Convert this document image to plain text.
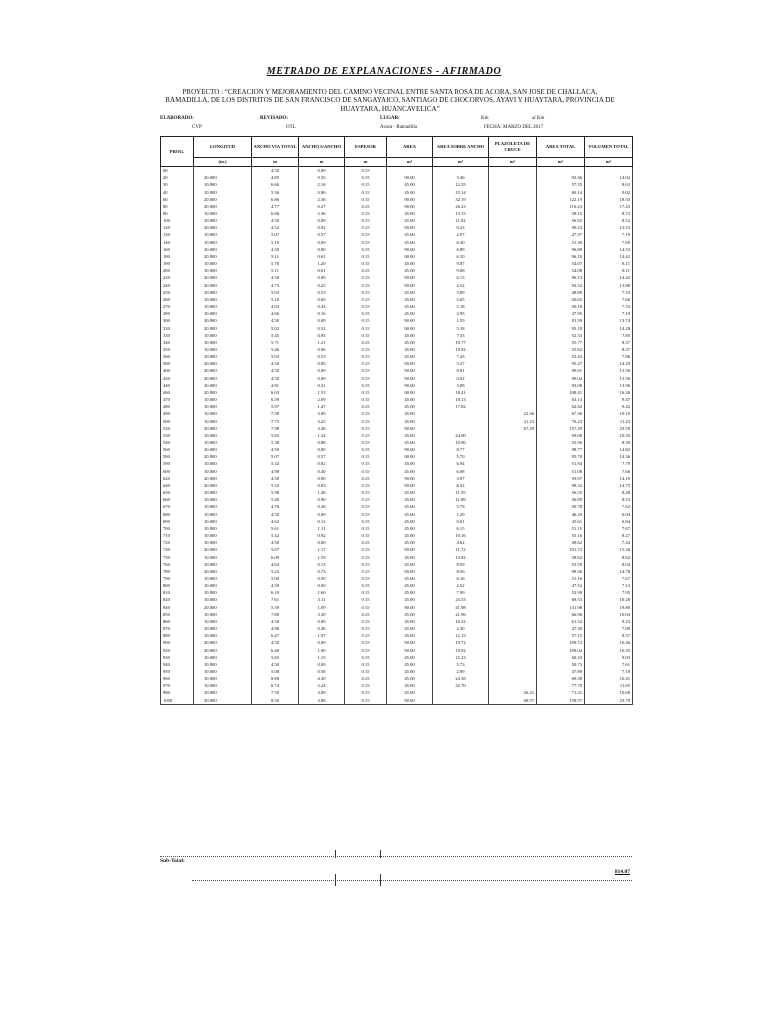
METRADO DE EXPLANACIONES - AFIRMADO
PROYECTO : “CREACION Y MEJORAMIENTO DEL CAMINO VECINAL ENTRE SANTA ROSA DE ACORA, SAN JOSE DE CHALLACA, RAMADILLA, DE LOS DISTRITOS DE SAN FRANCISCO DE SANGAYAICO, SANTIAGO DE CHOCORVOS, AYAVI Y HUAYTARA, PROVINCIA DE HUAYTARA, HUANCAVELICA”
ELABORADO:
CVP
REVISADO:
OTL
LUGAR:
Acora - Ramadilla
Km	al Km
FECHA: MARZO DEL 2017
PROG.	LONGITUD	ANCHO VIA TOTAL	ANCHO S/ANCHO	ESPESOR	AREA	AREA SOBRE ANCHO	PLAZOLETA DE CRUCE	AREA TOTAL	VOLUMEN TOTAL
	(m.)	m	m	m	m²	m²	m²	m²	m³
00		4.50	0.00	0.15					
20	20.000	4.85	0.35	0.15	90.00	3.46		93.46	14.02
30	10.000	6.66	2.16	0.15	45.00	12.55		57.55	8.63
40	10.000	5.36	0.86	0.15	45.00	15.14		60.14	9.02
60	20.000	6.86	2.36	0.15	90.00	32.19		122.19	18.33
80	20.000	4.77	0.27	0.15	90.00	26.23		116.23	17.43
90	10.000	6.86	2.36	0.15	45.00	13.15		58.15	8.72
100	10.000	4.50	0.00	0.15	45.00	11.82		56.82	8.52
120	20.000	4.52	0.02	0.15	90.00	0.23		90.23	13.53
130	10.000	5.07	0.57	0.15	45.00	2.97		47.97	7.19
140	10.000	5.19	0.69	0.15	45.00	6.30		51.30	7.69
160	20.000	4.50	0.00	0.15	90.00	6.89		96.89	14.53
180	20.000	5.11	0.61	0.15	90.00	6.10		96.10	14.42
190	10.000	5.70	1.20	0.15	45.00	9.07		54.07	8.11
200	10.000	5.11	0.61	0.15	45.00	9.08		54.08	8.11
220	20.000	4.50	0.00	0.15	90.00	6.13		96.13	14.42
240	20.000	4.75	0.25	0.15	90.00	2.52		92.52	13.88
250	10.000	5.03	0.53	0.15	45.00	3.89		48.89	7.33
260	10.000	5.10	0.60	0.15	45.00	5.65		50.65	7.60
270	10.000	4.93	0.43	0.15	45.00	5.18		50.18	7.53
280	10.000	4.66	0.16	0.15	45.00	2.95		47.95	7.19
300	20.000	4.50	0.00	0.15	90.00	1.59		91.59	13.74
320	20.000	5.02	0.52	0.15	90.00	5.18		95.18	14.28
330	10.000	5.45	0.95	0.15	45.00	7.33		52.33	7.85
340	10.000	5.71	1.21	0.15	45.00	10.77		55.77	8.37
350	10.000	5.46	0.96	0.15	45.00	10.82		55.82	8.37
360	10.000	5.03	0.53	0.15	45.00	7.43		52.43	7.86
380	20.000	4.50	0.00	0.15	90.00	5.27		95.27	14.29
400	20.000	4.50	0.00	0.15	90.00	0.01		90.01	13.50
420	20.000	4.50	0.00	0.15	90.00	0.02		90.02	13.50
440	20.000	4.81	0.31	0.15	90.00	3.08		93.08	13.96
460	20.000	6.03	1.53	0.15	90.00	18.41		108.41	16.26
470	10.000	6.59	2.09	0.15	45.00	18.13		63.13	9.47
480	10.000	5.97	1.47	0.15	45.00	17.82		62.82	9.42
490	10.000	7.50	3.00	0.15	45.00		22.36	67.36	10.10
500	10.000	7.75	3.25	0.15	45.00		31.23	76.23	11.43
520	20.000	7.98	3.48	0.15	90.00		67.29	157.29	23.59
530	10.000	5.82	1.32	0.15	45.00	24.00		69.00	10.35
540	10.000	5.38	0.88	0.15	45.00	10.96		55.96	8.39
560	20.000	4.50	0.00	0.15	90.00	8.77		98.77	14.82
580	20.000	5.07	0.57	0.15	90.00	5.70		95.70	14.36
590	10.000	5.32	0.82	0.15	45.00	6.94		51.94	7.79
600	10.000	4.90	0.40	0.15	45.00	6.08		51.08	7.66
620	20.000	4.50	0.00	0.15	90.00	3.97		93.97	14.10
640	20.000	5.33	0.83	0.15	90.00	8.32		98.32	14.75
650	10.000	5.98	1.48	0.15	45.00	11.55		56.55	8.48
660	10.000	5.40	0.90	0.15	45.00	11.89		56.89	8.53
670	10.000	4.76	0.26	0.15	45.00	5.78		50.78	7.62
680	10.000	4.50	0.00	0.15	45.00	1.29		46.29	6.94
690	10.000	4.62	0.12	0.15	45.00	0.61		45.61	6.84
700	10.000	5.61	1.11	0.15	45.00	6.15		51.15	7.67
710	10.000	5.42	0.92	0.15	45.00	10.16		55.16	8.27
720	10.000	4.50	0.00	0.15	45.00	4.62		49.62	7.44
740	20.000	5.67	1.17	0.15	90.00	11.72		101.72	15.26
750	10.000	6.09	1.59	0.15	45.00	13.82		58.82	8.82
760	10.000	4.63	0.13	0.15	45.00	8.59		53.59	8.04
780	20.000	5.23	0.73	0.15	90.00	8.56		98.56	14.78
790	10.000	5.00	0.50	0.15	45.00	6.16		51.16	7.67
800	10.000	4.50	0.00	0.15	45.00	2.52		47.52	7.13
810	10.000	6.10	1.60	0.15	45.00	7.99		52.99	7.95
820	10.000	7.61	3.11	0.15	45.00	23.53		68.53	10.28
840	20.000	5.59	1.09	0.15	90.00	41.98		131.98	19.80
850	10.000	7.80	3.30	0.15	45.00	21.96		66.96	10.04
860	10.000	4.50	0.00	0.15	45.00	16.52		61.52	9.23
870	10.000	4.96	0.46	0.15	45.00	2.30		47.30	7.09
880	10.000	6.47	1.97	0.15	45.00	12.15		57.15	8.57
900	20.000	4.50	0.00	0.15	90.00	19.72		109.72	16.46
920	20.000	6.40	1.90	0.15	90.00	19.02		109.02	16.35
930	10.000	5.65	1.15	0.15	45.00	15.23		60.23	9.03
940	10.000	4.50	0.00	0.15	45.00	5.73		50.73	7.61
950	10.000	5.08	0.58	0.15	45.00	2.89		47.89	7.18
960	10.000	8.80	4.30	0.15	45.00	24.38		69.38	10.41
970	10.000	6.74	2.24	0.15	45.00	32.70		77.70	11.65
980	10.000	7.50	3.00	0.15	45.00		26.21	71.21	10.68
1000	20.000	8.56	3.86	0.15	90.00		68.57	158.57	23.79
Sub-Total:
814.07
